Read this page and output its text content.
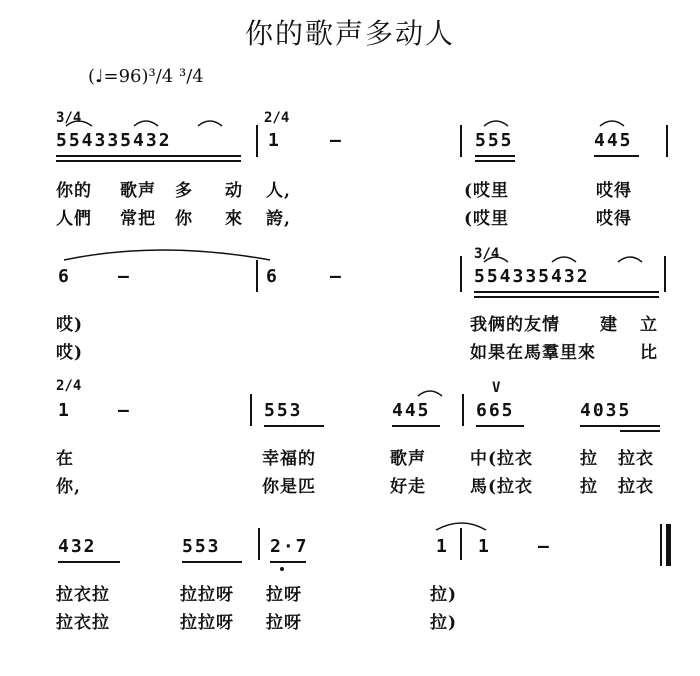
你的歌声多动人
(♩=96)³/4 ³/4
3/4	2/4
554335432	1	—	555	445
你的 歌声 多 动 人,	(哎里	哎得
人們 常把 你 來 誇,	(哎里	哎得
6	—	6	—
3/4
554335432
哎)	我俩的友情 建 立
哎)	如果在馬羣里來	比
2/4
1	—	553	445
V
665	4035
在	幸福的	歌声	中(拉衣	拉 拉衣
你,	你是匹	好走	馬(拉衣	拉 拉衣
432	553	2·7	1 1	—
拉衣拉	拉拉呀 拉呀	拉)
拉衣拉	拉拉呀 拉呀	拉)
